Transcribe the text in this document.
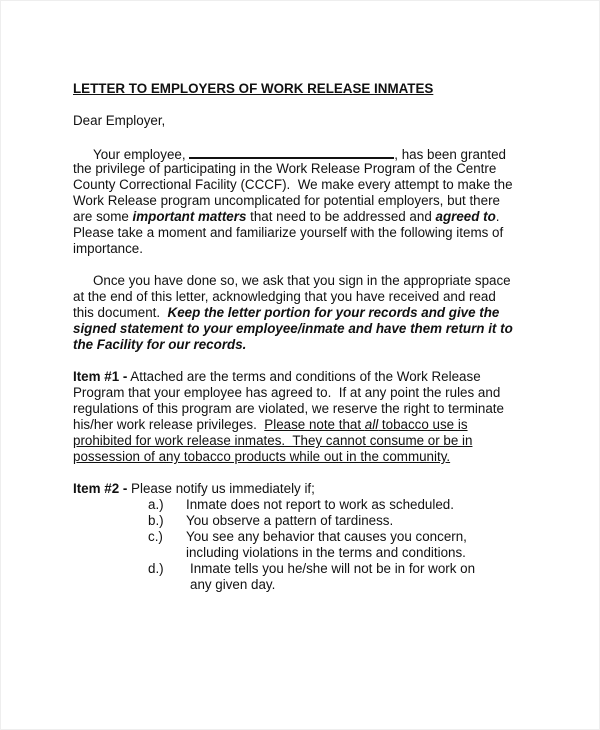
LETTER TO EMPLOYERS OF WORK RELEASE INMATES
Dear Employer,
Your employee,	, has been granted
the privilege of participating in the Work Release Program of the Centre
County Correctional Facility (CCCF).  We make every attempt to make the
Work Release program uncomplicated for potential employers, but there
are some important matters that need to be addressed and agreed to.
Please take a moment and familiarize yourself with the following items of
importance.
Once you have done so, we ask that you sign in the appropriate space
at the end of this letter, acknowledging that you have received and read
this document.  Keep the letter portion for your records and give the
signed statement to your employee/inmate and have them return it to
the Facility for our records.
Item #1 - Attached are the terms and conditions of the Work Release
Program that your employee has agreed to.  If at any point the rules and
regulations of this program are violated, we reserve the right to terminate
his/her work release privileges.  Please note that all tobacco use is
prohibited for work release inmates.  They cannot consume or be in
possession of any tobacco products while out in the community.
Item #2 - Please notify us immediately if;
a.)	Inmate does not report to work as scheduled.
b.)	You observe a pattern of tardiness.
c.)	You see any behavior that causes you concern,
including violations in the terms and conditions.
d.)	Inmate tells you he/she will not be in for work on
any given day.
